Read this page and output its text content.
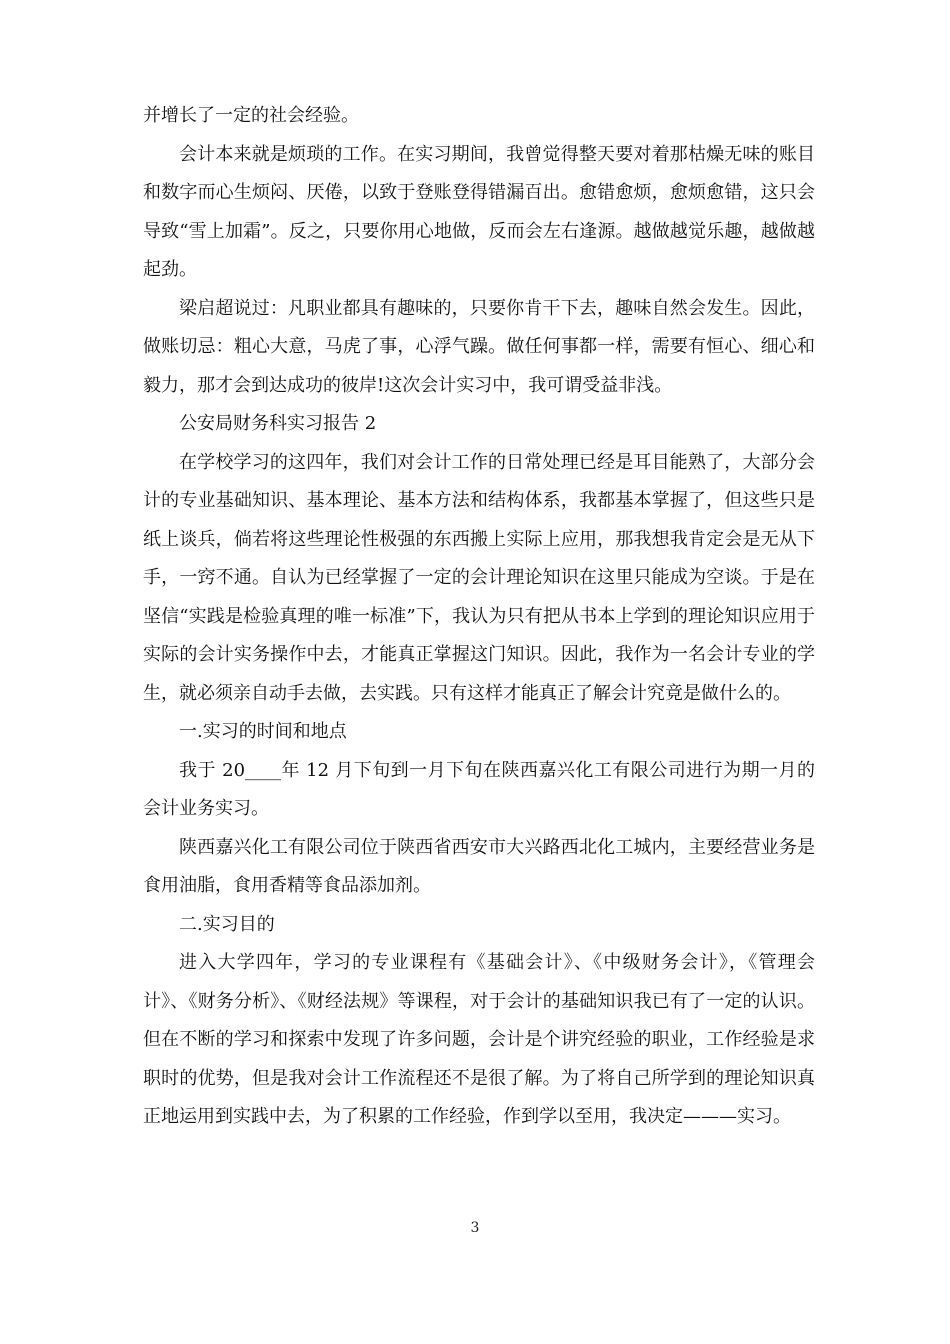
并增长了一定的社会经验。

会计本来就是烦琐的工作。在实习期间，我曾觉得整天要对着那枯燥无味的账目和数字而心生烦闷、厌倦，以致于登账登得错漏百出。愈错愈烦，愈烦愈错，这只会导致“雪上加霜”。反之，只要你用心地做，反而会左右逢源。越做越觉乐趣，越做越起劲。

梁启超说过：凡职业都具有趣味的，只要你肯干下去，趣味自然会发生。因此，做账切忌：粗心大意，马虎了事，心浮气躁。做任何事都一样，需要有恒心、细心和毅力，那才会到达成功的彼岸!这次会计实习中，我可谓受益非浅。

公安局财务科实习报告 2

在学校学习的这四年，我们对会计工作的日常处理已经是耳目能熟了，大部分会计的专业基础知识、基本理论、基本方法和结构体系，我都基本掌握了，但这些只是纸上谈兵，倘若将这些理论性极强的东西搬上实际上应用，那我想我肯定会是无从下手，一窍不通。自认为已经掌握了一定的会计理论知识在这里只能成为空谈。于是在坚信“实践是检验真理的唯一标准”下，我认为只有把从书本上学到的理论知识应用于实际的会计实务操作中去，才能真正掌握这门知识。因此，我作为一名会计专业的学生，就必须亲自动手去做，去实践。只有这样才能真正了解会计究竟是做什么的。

一.实习的时间和地点

我于 20____年 12 月下旬到一月下旬在陕西嘉兴化工有限公司进行为期一月的会计业务实习。

陕西嘉兴化工有限公司位于陕西省西安市大兴路西北化工城内，主要经营业务是食用油脂，食用香精等食品添加剂。

二.实习目的

进入大学四年，学习的专业课程有《基础会计》、《中级财务会计》，《管理会计》、《财务分析》、《财经法规》等课程，对于会计的基础知识我已有了一定的认识。但在不断的学习和探索中发现了许多问题，会计是个讲究经验的职业，工作经验是求职时的优势，但是我对会计工作流程还不是很了解。为了将自己所学到的理论知识真正地运用到实践中去，为了积累的工作经验，作到学以至用，我决定———实习。

3
